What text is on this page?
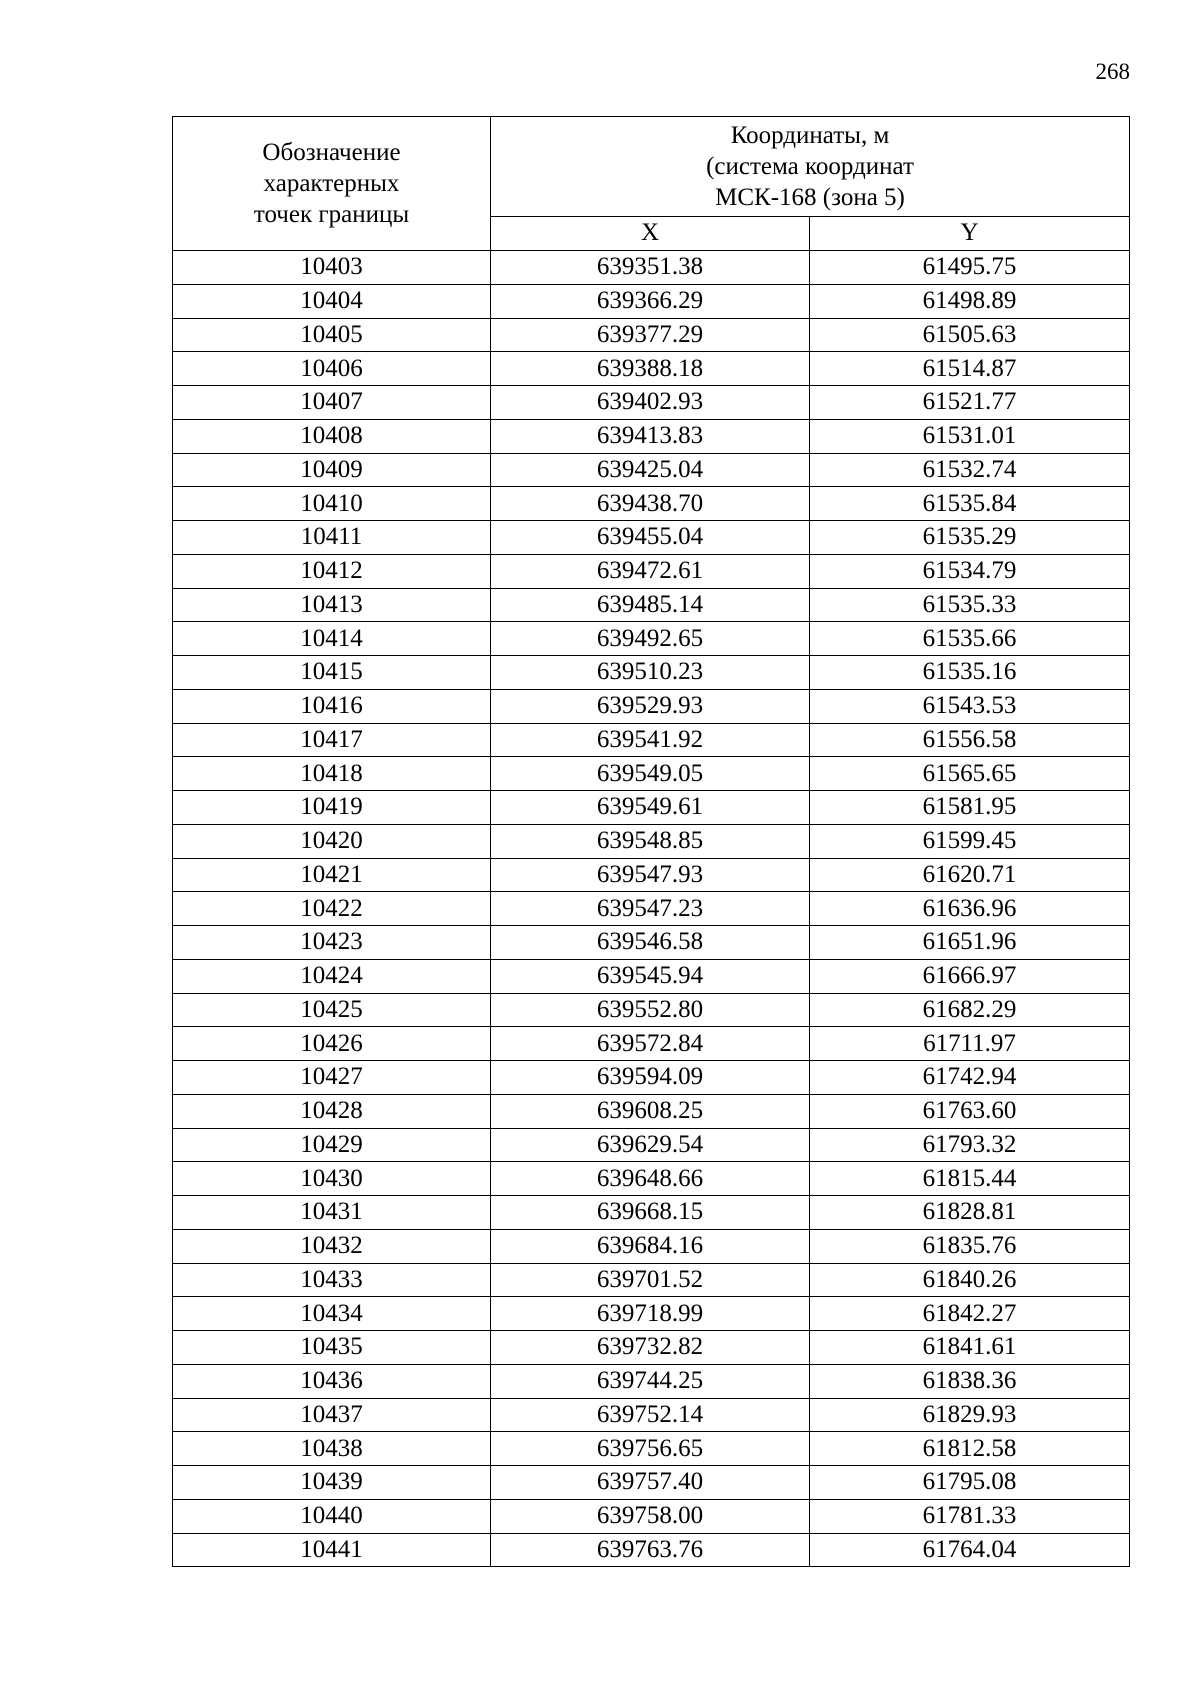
268
Обозначение
характерных
точек границы	Координаты, м
(система координат
МСК-168 (зона 5)	
	X	Y
10403	639351.38	61495.75
10404	639366.29	61498.89
10405	639377.29	61505.63
10406	639388.18	61514.87
10407	639402.93	61521.77
10408	639413.83	61531.01
10409	639425.04	61532.74
10410	639438.70	61535.84
10411	639455.04	61535.29
10412	639472.61	61534.79
10413	639485.14	61535.33
10414	639492.65	61535.66
10415	639510.23	61535.16
10416	639529.93	61543.53
10417	639541.92	61556.58
10418	639549.05	61565.65
10419	639549.61	61581.95
10420	639548.85	61599.45
10421	639547.93	61620.71
10422	639547.23	61636.96
10423	639546.58	61651.96
10424	639545.94	61666.97
10425	639552.80	61682.29
10426	639572.84	61711.97
10427	639594.09	61742.94
10428	639608.25	61763.60
10429	639629.54	61793.32
10430	639648.66	61815.44
10431	639668.15	61828.81
10432	639684.16	61835.76
10433	639701.52	61840.26
10434	639718.99	61842.27
10435	639732.82	61841.61
10436	639744.25	61838.36
10437	639752.14	61829.93
10438	639756.65	61812.58
10439	639757.40	61795.08
10440	639758.00	61781.33
10441	639763.76	61764.04
